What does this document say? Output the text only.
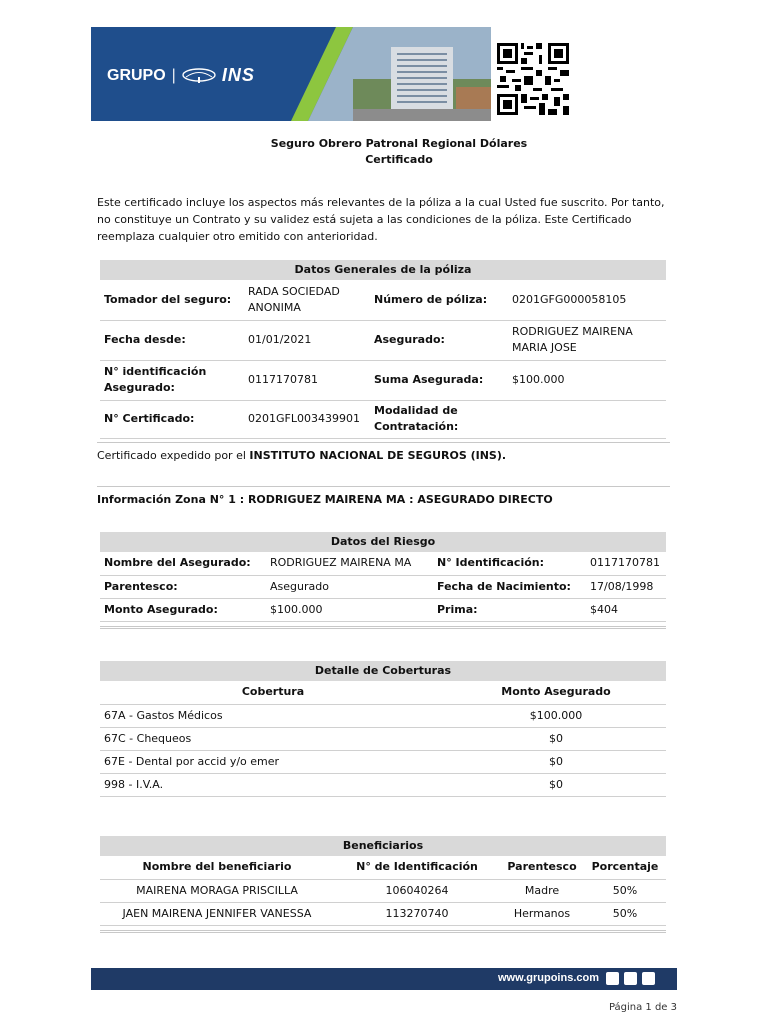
GRUPO |	INS
Seguro Obrero Patronal Regional Dólares
Certificado
Este certificado incluye los aspectos más relevantes de la póliza a la cual Usted fue suscrito. Por tanto, no constituye un Contrato y su validez está sujeta a las condiciones de la póliza. Este Certificado reemplaza cualquier otro emitido con anterioridad.
Datos Generales de la póliza			
Tomador del seguro:	RADA SOCIEDAD ANONIMA	Número de póliza:	0201GFG000058105
Fecha desde:	01/01/2021	Asegurado:	RODRIGUEZ MAIRENA MARIA JOSE
N° identificación Asegurado:	0117170781	Suma Asegurada:	$100.000
N° Certificado:	0201GFL003439901	Modalidad de Contratación:	
Certificado expedido por el INSTITUTO NACIONAL DE SEGUROS (INS).
Información Zona N° 1 : RODRIGUEZ MAIRENA MA : ASEGURADO DIRECTO
Datos del Riesgo			
Nombre del Asegurado:	RODRIGUEZ MAIRENA MA	N° Identificación:	0117170781
Parentesco:	Asegurado	Fecha de Nacimiento:	17/08/1998
Monto Asegurado:	$100.000	Prima:	$404

Detalle de Coberturas	
Cobertura	Monto Asegurado
67A - Gastos Médicos	$100.000
67C - Chequeos	$0
67E - Dental por accid y/o emer	$0
998 - I.V.A.	$0
Beneficiarios			
Nombre del beneficiario	N° de Identificación	Parentesco	Porcentaje
MAIRENA MORAGA PRISCILLA	106040264	Madre	50%
JAEN MAIRENA JENNIFER VANESSA	113270740	Hermanos	50%

www.grupoins.com
Página 1 de 3
